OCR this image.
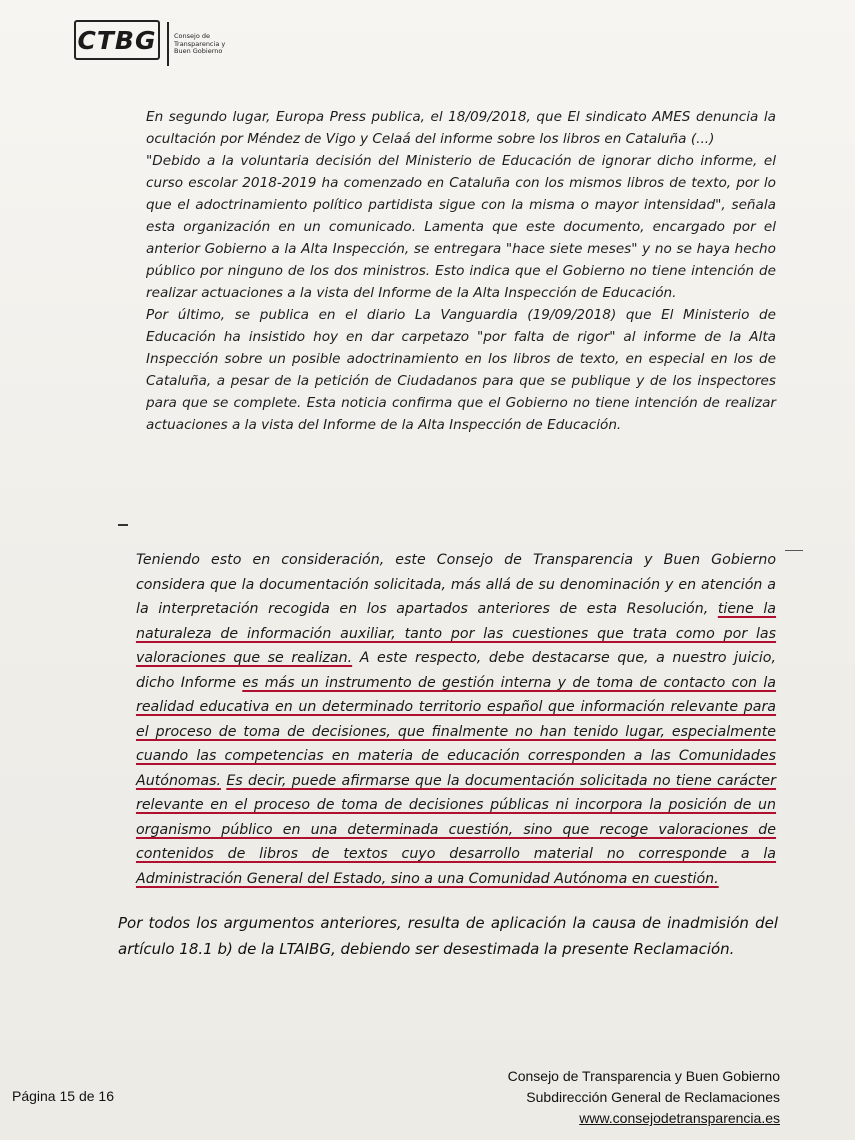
CTBG	Consejo de
Transparencia y
Buen Gobierno

En segundo lugar, Europa Press publica, el 18/09/2018, que El sindicato AMES denuncia la ocultación por Méndez de Vigo y Celaá del informe sobre los libros en Cataluña (...)

"Debido a la voluntaria decisión del Ministerio de Educación de ignorar dicho informe, el curso escolar 2018-2019 ha comenzado en Cataluña con los mismos libros de texto, por lo que el adoctrinamiento político partidista sigue con la misma o mayor intensidad", señala esta organización en un comunicado. Lamenta que este documento, encargado por el anterior Gobierno a la Alta Inspección, se entregara "hace siete meses" y no se haya hecho público por ninguno de los dos ministros. Esto indica que el Gobierno no tiene intención de realizar actuaciones a la vista del Informe de la Alta Inspección de Educación.

Por último, se publica en el diario La Vanguardia (19/09/2018) que El Ministerio de Educación ha insistido hoy en dar carpetazo "por falta de rigor" al informe de la Alta Inspección sobre un posible adoctrinamiento en los libros de texto, en especial en los de Cataluña, a pesar de la petición de Ciudadanos para que se publique y de los inspectores para que se complete. Esta noticia confirma que el Gobierno no tiene intención de realizar actuaciones a la vista del Informe de la Alta Inspección de Educación.

Teniendo esto en consideración, este Consejo de Transparencia y Buen Gobierno considera que la documentación solicitada, más allá de su denominación y en atención a la interpretación recogida en los apartados anteriores de esta Resolución, tiene la naturaleza de información auxiliar, tanto por las cuestiones que trata como por las valoraciones que se realizan. A este respecto, debe destacarse que, a nuestro juicio, dicho Informe es más un instrumento de gestión interna y de toma de contacto con la realidad educativa en un determinado territorio español que información relevante para el proceso de toma de decisiones, que finalmente no han tenido lugar, especialmente cuando las competencias en materia de educación corresponden a las Comunidades Autónomas. Es decir, puede afirmarse que la documentación solicitada no tiene carácter relevante en el proceso de toma de decisiones públicas ni incorpora la posición de un organismo público en una determinada cuestión, sino que recoge valoraciones de contenidos de libros de textos cuyo desarrollo material no corresponde a la Administración General del Estado, sino a una Comunidad Autónoma en cuestión.

Por todos los argumentos anteriores, resulta de aplicación la causa de inadmisión del artículo 18.1 b) de la LTAIBG, debiendo ser desestimada la presente Reclamación.

Página 15 de 16
Consejo de Transparencia y Buen Gobierno
Subdirección General de Reclamaciones
www.consejodetransparencia.es
